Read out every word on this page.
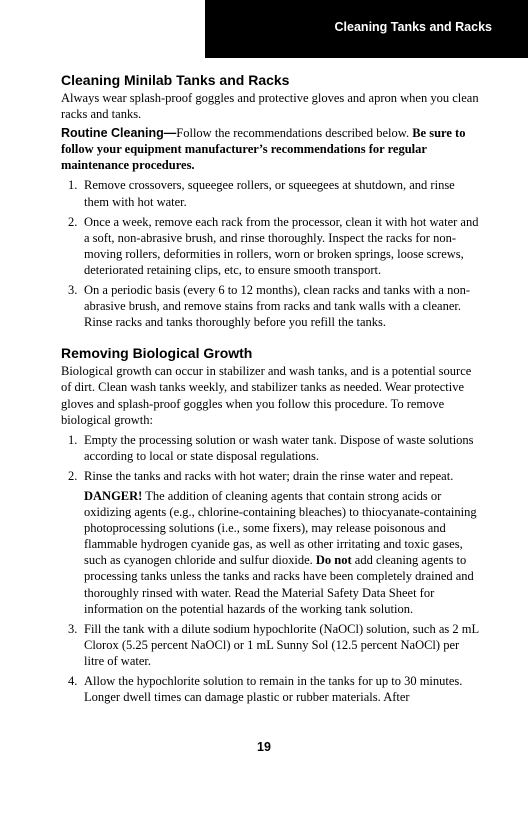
Cleaning Tanks and Racks
Cleaning Minilab Tanks and Racks

Always wear splash-proof goggles and protective gloves and apron when you clean racks and tanks.

Routine Cleaning—Follow the recommendations described below. Be sure to follow your equipment manufacturer’s recommendations for regular maintenance procedures.

1. Remove crossovers, squeegee rollers, or squeegees at shutdown, and rinse them with hot water.
2. Once a week, remove each rack from the processor, clean it with hot water and a soft, non-abrasive brush, and rinse thoroughly. Inspect the racks for non-moving rollers, deformities in rollers, worn or broken springs, loose screws, deteriorated retaining clips, etc, to ensure smooth transport.
3. On a periodic basis (every 6 to 12 months), clean racks and tanks with a non-abrasive brush, and remove stains from racks and tank walls with a cleaner. Rinse racks and tanks thoroughly before you refill the tanks.
Removing Biological Growth

Biological growth can occur in stabilizer and wash tanks, and is a potential source of dirt. Clean wash tanks weekly, and stabilizer tanks as needed. Wear protective gloves and splash-proof goggles when you follow this procedure. To remove biological growth:

1. Empty the processing solution or wash water tank. Dispose of waste solutions according to local or state disposal regulations.
2. Rinse the tanks and racks with hot water; drain the rinse water and repeat.
DANGER! The addition of cleaning agents that contain strong acids or oxidizing agents (e.g., chlorine-containing bleaches) to thiocyanate-containing photoprocessing solutions (i.e., some fixers), may release poisonous and flammable hydrogen cyanide gas, as well as other irritating and toxic gases, such as cyanogen chloride and sulfur dioxide. Do not add cleaning agents to processing tanks unless the tanks and racks have been completely drained and thoroughly rinsed with water. Read the Material Safety Data Sheet for information on the potential hazards of the working tank solution.
3. Fill the tank with a dilute sodium hypochlorite (NaOCl) solution, such as 2 mL Clorox (5.25 percent NaOCl) or 1 mL Sunny Sol (12.5 percent NaOCl) per litre of water.
4. Allow the hypochlorite solution to remain in the tanks for up to 30 minutes. Longer dwell times can damage plastic or rubber materials. After
19
